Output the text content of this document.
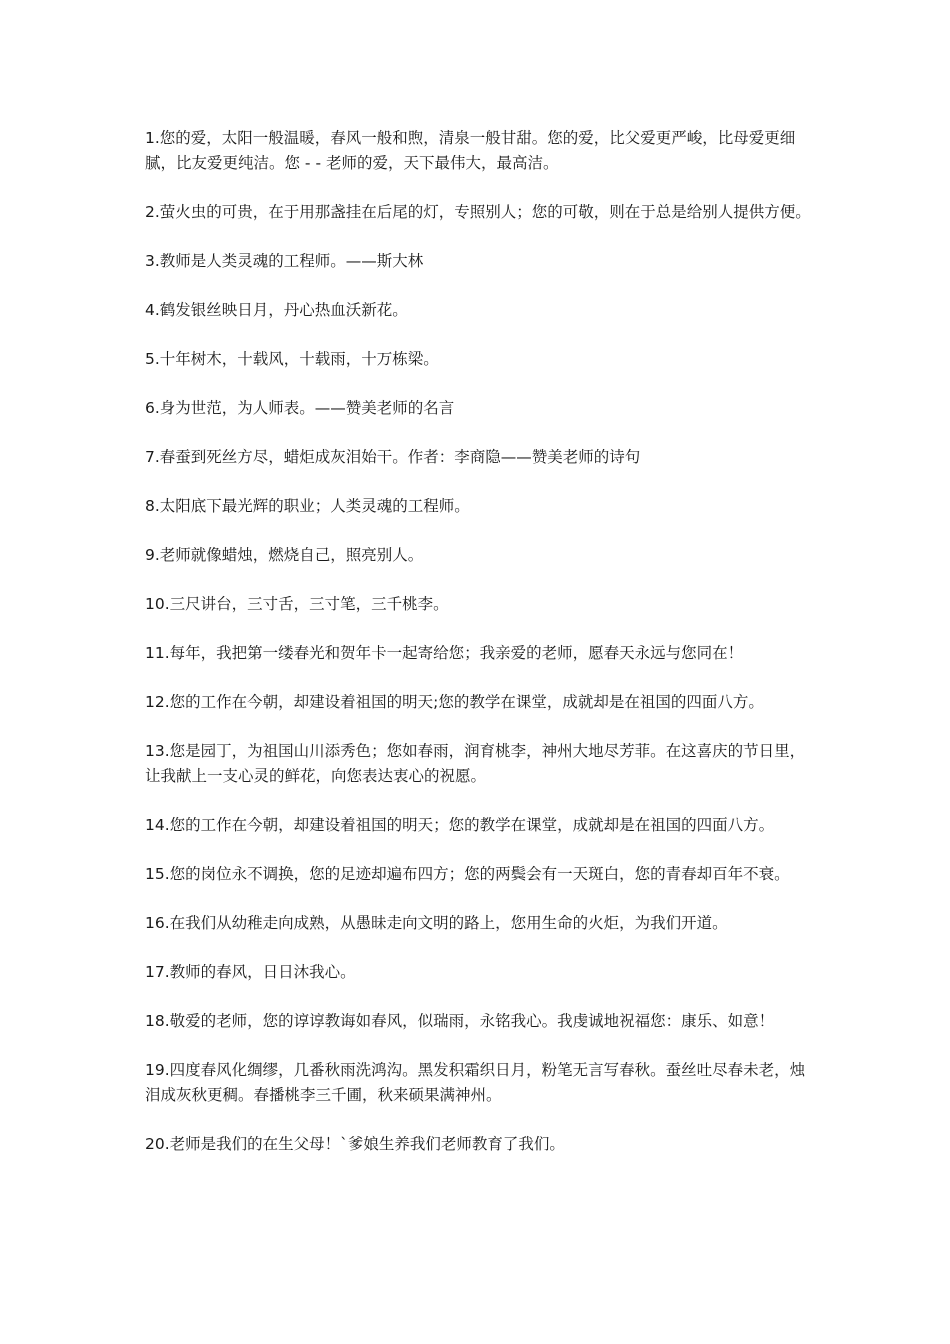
1.您的爱，太阳一般温暖，春风一般和煦，清泉一般甘甜。您的爱，比父爱更严峻，比母爱更细腻，比友爱更纯洁。您 - - 老师的爱，天下最伟大，最高洁。

2.萤火虫的可贵，在于用那盏挂在后尾的灯，专照别人；您的可敬，则在于总是给别人提供方便。

3.教师是人类灵魂的工程师。——斯大林

4.鹤发银丝映日月，丹心热血沃新花。

5.十年树木，十载风，十载雨，十万栋梁。

6.身为世范，为人师表。——赞美老师的名言

7.春蚕到死丝方尽，蜡炬成灰泪始干。作者：李商隐——赞美老师的诗句

8.太阳底下最光辉的职业；人类灵魂的工程师。

9.老师就像蜡烛，燃烧自己，照亮别人。

10.三尺讲台，三寸舌，三寸笔，三千桃李。

11.每年，我把第一缕春光和贺年卡一起寄给您；我亲爱的老师，愿春天永远与您同在！

12.您的工作在今朝，却建设着祖国的明天;您的教学在课堂，成就却是在祖国的四面八方。

13.您是园丁，为祖国山川添秀色；您如春雨，润育桃李，神州大地尽芳菲。在这喜庆的节日里，让我献上一支心灵的鲜花，向您表达衷心的祝愿。

14.您的工作在今朝，却建设着祖国的明天；您的教学在课堂，成就却是在祖国的四面八方。

15.您的岗位永不调换，您的足迹却遍布四方；您的两鬓会有一天斑白，您的青春却百年不衰。

16.在我们从幼稚走向成熟，从愚昧走向文明的路上，您用生命的火炬，为我们开道。

17.教师的春风，日日沐我心。

18.敬爱的老师，您的谆谆教诲如春风，似瑞雨，永铭我心。我虔诚地祝福您：康乐、如意！

19.四度春风化绸缪，几番秋雨洗鸿沟。黑发积霜织日月，粉笔无言写春秋。蚕丝吐尽春未老，烛泪成灰秋更稠。春播桃李三千圃，秋来硕果满神州。

20.老师是我们的在生父母！`爹娘生养我们老师教育了我们。
